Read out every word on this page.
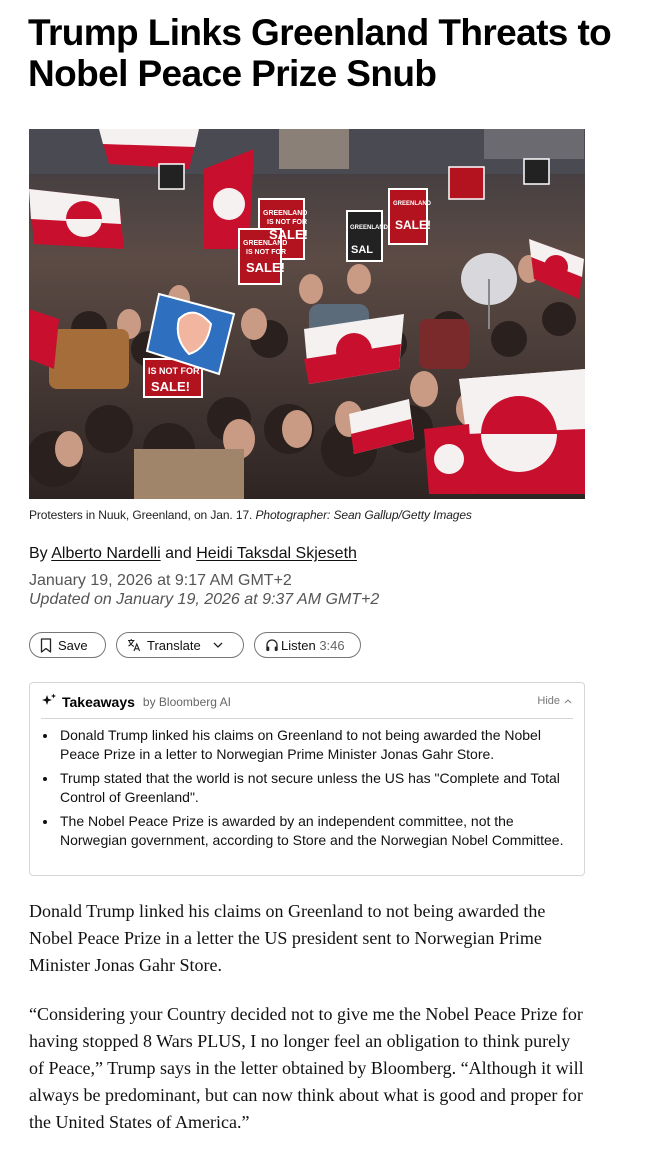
Trump Links Greenland Threats to Nobel Peace Prize Snub
GREENLAND
IS NOT FOR
SALE!
GREENLAND
IS NOT FOR
SALE!
GREENLAND
SALE!
GREENLAND
SAL
IS NOT FOR
SALE!
Protesters in Nuuk, Greenland, on Jan. 17. Photographer: Sean Gallup/Getty Images
By Alberto Nardelli and Heidi Taksdal Skjeseth
January 19, 2026 at 9:17 AM GMT+2
Updated on January 19, 2026 at 9:37 AM GMT+2
Save	Translate	Listen 3:46
Takeaways by Bloomberg AI	Hide
• Donald Trump linked his claims on Greenland to not being awarded the Nobel Peace Prize in a letter to Norwegian Prime Minister Jonas Gahr Store.
• Trump stated that the world is not secure unless the US has "Complete and Total Control of Greenland".
• The Nobel Peace Prize is awarded by an independent committee, not the Norwegian government, according to Store and the Norwegian Nobel Committee.

Donald Trump linked his claims on Greenland to not being awarded the Nobel Peace Prize in a letter the US president sent to Norwegian Prime Minister Jonas Gahr Store.

“Considering your Country decided not to give me the Nobel Peace Prize for having stopped 8 Wars PLUS, I no longer feel an obligation to think purely of Peace,” Trump says in the letter obtained by Bloomberg. “Although it will always be predominant, but can now think about what is good and proper for the United States of America.”
